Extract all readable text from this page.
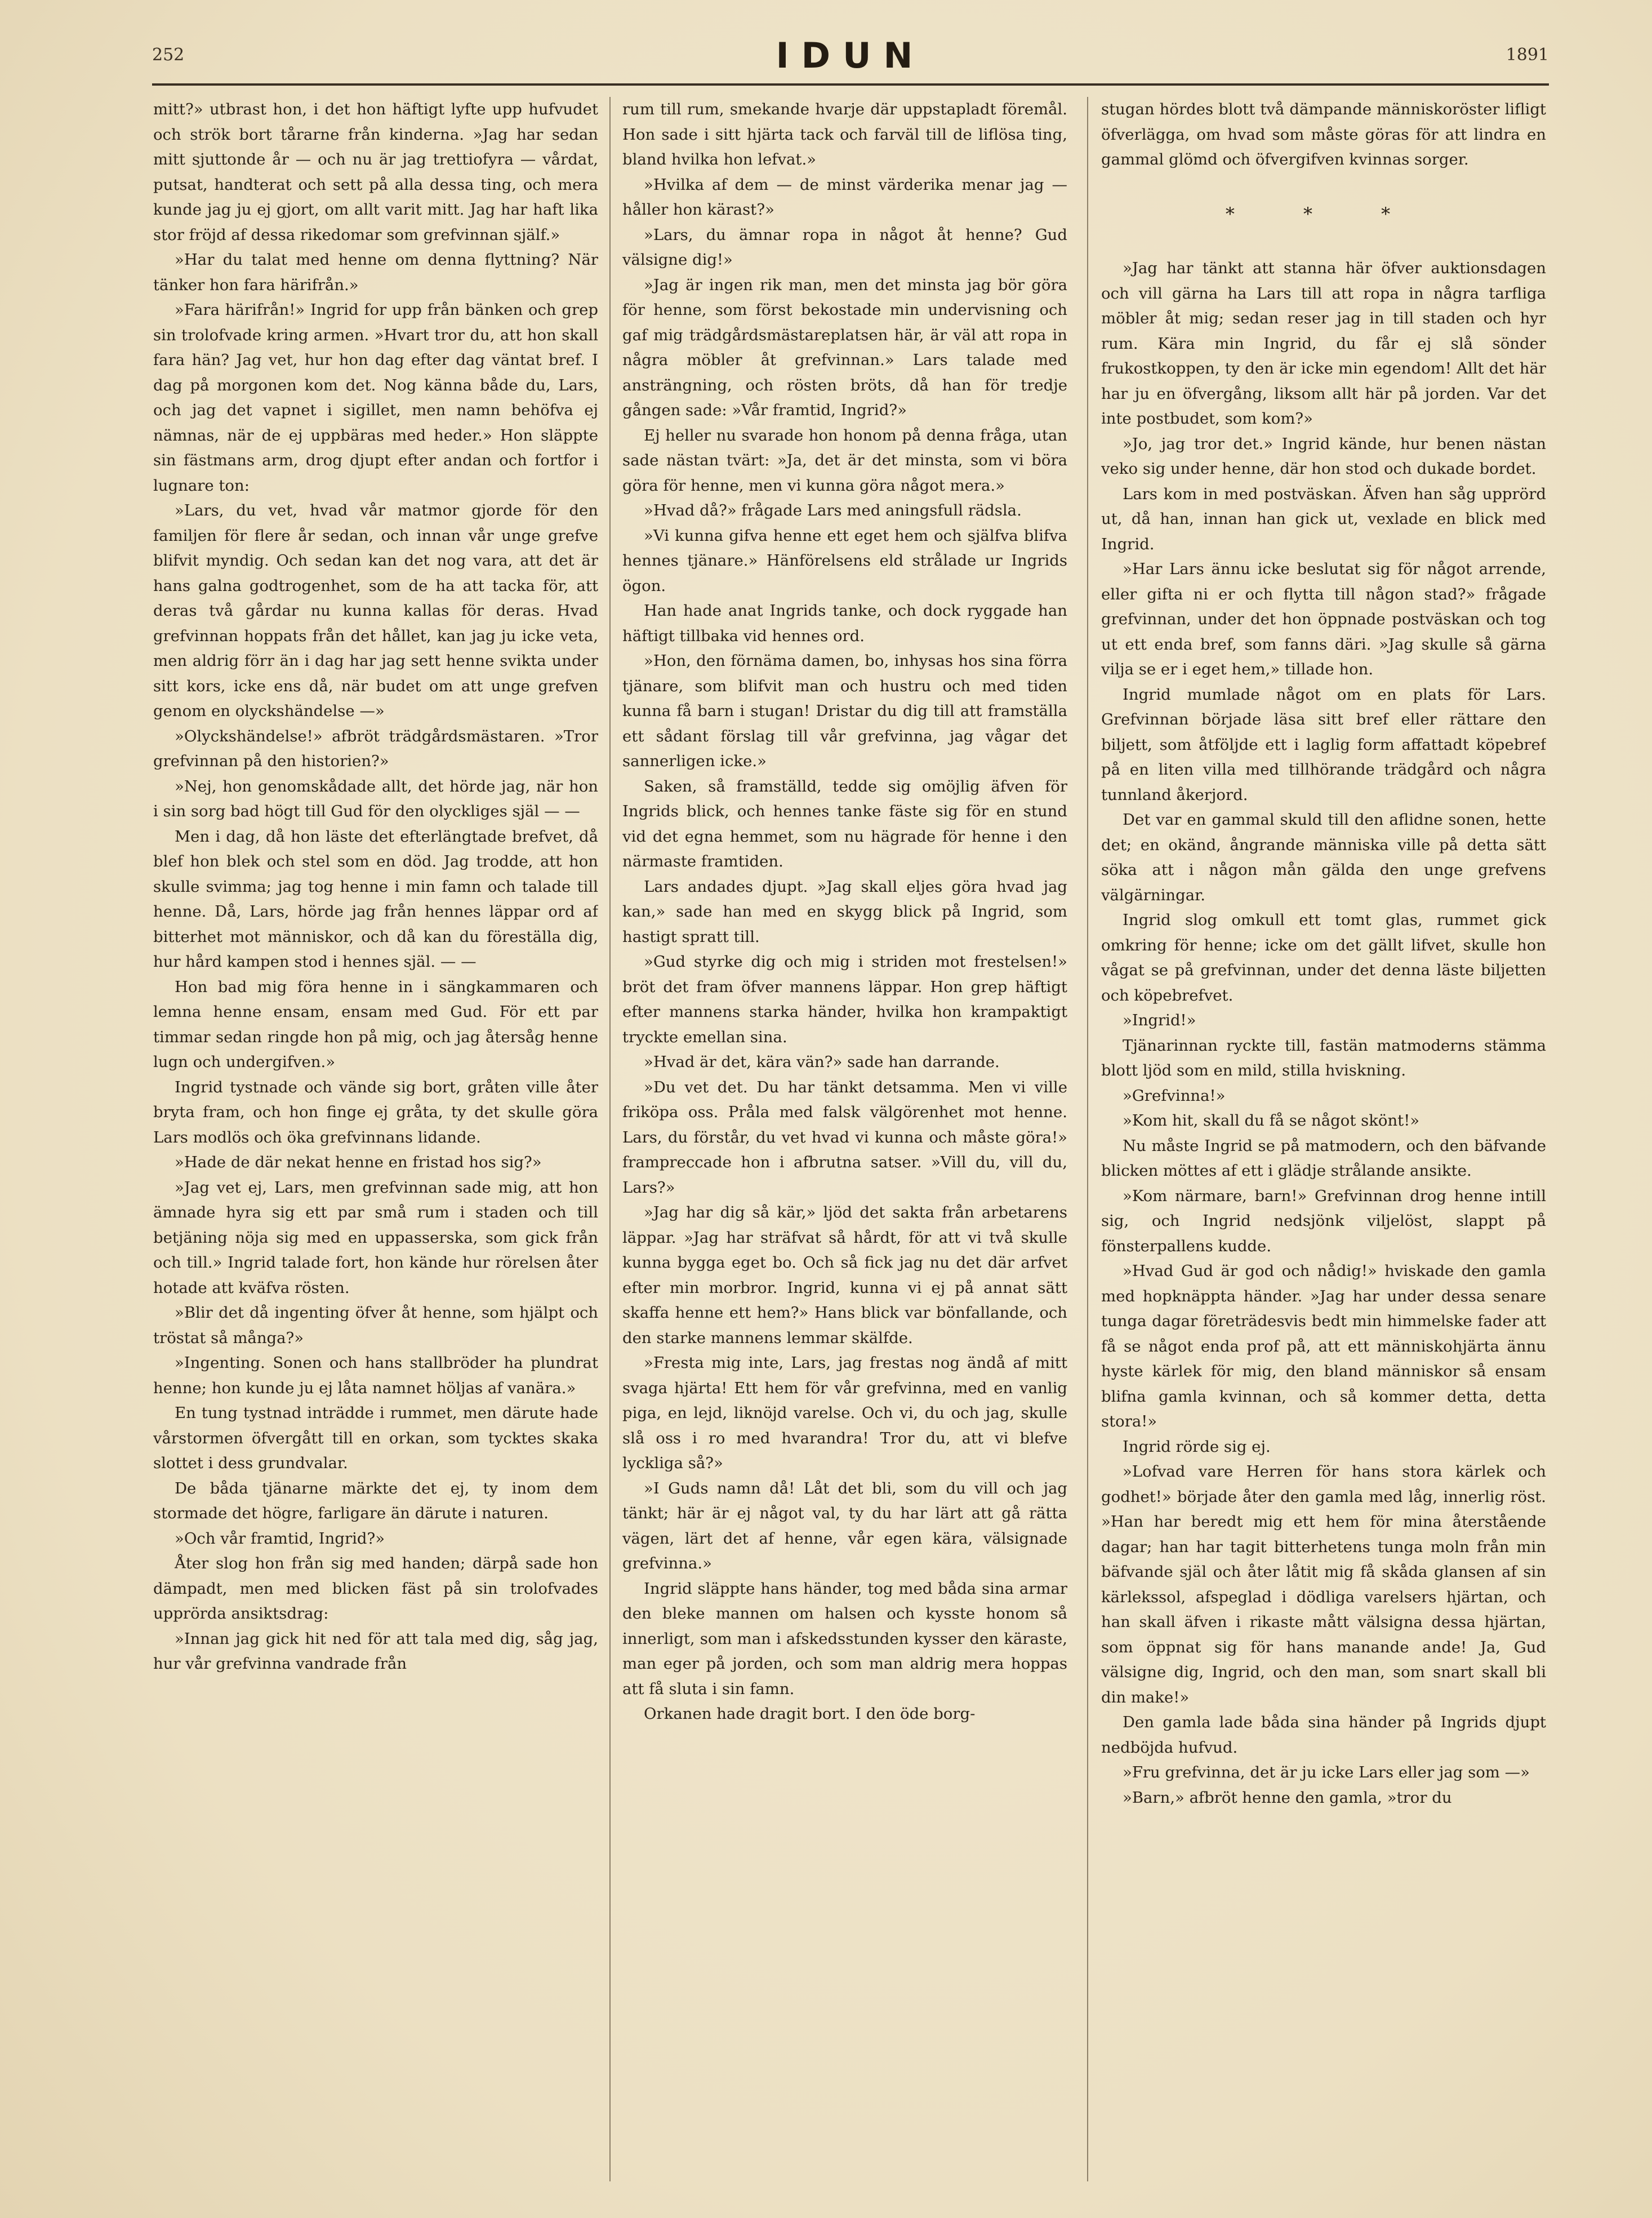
252	IDUN	1891

mitt?» utbrast hon, i det hon häftigt lyfte upp hufvudet och strök bort tårarne från kinderna. »Jag har sedan mitt sjuttonde år — och nu är jag trettiofyra — vårdat, putsat, handterat och sett på alla dessa ting, och mera kunde jag ju ej gjort, om allt varit mitt. Jag har haft lika stor fröjd af dessa rikedomar som grefvinnan själf.»

»Har du talat med henne om denna flyttning? När tänker hon fara härifrån.»

»Fara härifrån!» Ingrid for upp från bänken och grep sin trolofvade kring armen. »Hvart tror du, att hon skall fara hän? Jag vet, hur hon dag efter dag väntat bref. I dag på morgonen kom det. Nog känna både du, Lars, och jag det vapnet i sigillet, men namn behöfva ej nämnas, när de ej uppbäras med heder.» Hon släppte sin fästmans arm, drog djupt efter andan och fortfor i lugnare ton:

»Lars, du vet, hvad vår matmor gjorde för den familjen för flere år sedan, och innan vår unge grefve blifvit myndig. Och sedan kan det nog vara, att det är hans galna godtrogenhet, som de ha att tacka för, att deras två gårdar nu kunna kallas för deras. Hvad grefvinnan hoppats från det hållet, kan jag ju icke veta, men aldrig förr än i dag har jag sett henne svikta under sitt kors, icke ens då, när budet om att unge grefven genom en olyckshändelse —»

»Olyckshändelse!» afbröt trädgårdsmästaren. »Tror grefvinnan på den historien?»

»Nej, hon genomskådade allt, det hörde jag, när hon i sin sorg bad högt till Gud för den olyckliges själ — —

Men i dag, då hon läste det efterlängtade brefvet, då blef hon blek och stel som en död. Jag trodde, att hon skulle svimma; jag tog henne i min famn och talade till henne. Då, Lars, hörde jag från hennes läppar ord af bitterhet mot människor, och då kan du föreställa dig, hur hård kampen stod i hennes själ. — —

Hon bad mig föra henne in i sängkammaren och lemna henne ensam, ensam med Gud. För ett par timmar sedan ringde hon på mig, och jag återsåg henne lugn och undergifven.»

Ingrid tystnade och vände sig bort, gråten ville åter bryta fram, och hon finge ej gråta, ty det skulle göra Lars modlös och öka grefvinnans lidande.

»Hade de där nekat henne en fristad hos sig?»

»Jag vet ej, Lars, men grefvinnan sade mig, att hon ämnade hyra sig ett par små rum i staden och till betjäning nöja sig med en uppasserska, som gick från och till.» Ingrid talade fort, hon kände hur rörelsen åter hotade att kväfva rösten.

»Blir det då ingenting öfver åt henne, som hjälpt och tröstat så många?»

»Ingenting. Sonen och hans stallbröder ha plundrat henne; hon kunde ju ej låta namnet höljas af vanära.»

En tung tystnad inträdde i rummet, men därute hade vårstormen öfvergått till en orkan, som tycktes skaka slottet i dess grundvalar.

De båda tjänarne märkte det ej, ty inom dem stormade det högre, farligare än därute i naturen.

»Och vår framtid, Ingrid?»

Åter slog hon från sig med handen; därpå sade hon dämpadt, men med blicken fäst på sin trolofvades upprörda ansiktsdrag:

»Innan jag gick hit ned för att tala med dig, såg jag, hur vår grefvinna vandrade från

rum till rum, smekande hvarje där uppstapladt föremål. Hon sade i sitt hjärta tack och farväl till de liflösa ting, bland hvilka hon lefvat.»

»Hvilka af dem — de minst värderika menar jag — håller hon kärast?»

»Lars, du ämnar ropa in något åt henne? Gud välsigne dig!»

»Jag är ingen rik man, men det minsta jag bör göra för henne, som först bekostade min undervisning och gaf mig trädgårdsmästareplatsen här, är väl att ropa in några möbler åt grefvinnan.» Lars talade med ansträngning, och rösten bröts, då han för tredje gången sade: »Vår framtid, Ingrid?»

Ej heller nu svarade hon honom på denna fråga, utan sade nästan tvärt: »Ja, det är det minsta, som vi böra göra för henne, men vi kunna göra något mera.»

»Hvad då?» frågade Lars med aningsfull rädsla.

»Vi kunna gifva henne ett eget hem och själfva blifva hennes tjänare.» Hänförelsens eld strålade ur Ingrids ögon.

Han hade anat Ingrids tanke, och dock ryggade han häftigt tillbaka vid hennes ord.

»Hon, den förnäma damen, bo, inhysas hos sina förra tjänare, som blifvit man och hustru och med tiden kunna få barn i stugan! Dristar du dig till att framställa ett sådant förslag till vår grefvinna, jag vågar det sannerligen icke.»

Saken, så framställd, tedde sig omöjlig äfven för Ingrids blick, och hennes tanke fäste sig för en stund vid det egna hemmet, som nu hägrade för henne i den närmaste framtiden.

Lars andades djupt. »Jag skall eljes göra hvad jag kan,» sade han med en skygg blick på Ingrid, som hastigt spratt till.

»Gud styrke dig och mig i striden mot frestelsen!» bröt det fram öfver mannens läppar. Hon grep häftigt efter mannens starka händer, hvilka hon krampaktigt tryckte emellan sina.

»Hvad är det, kära vän?» sade han darrande.

»Du vet det. Du har tänkt detsamma. Men vi ville friköpa oss. Pråla med falsk välgörenhet mot henne. Lars, du förstår, du vet hvad vi kunna och måste göra!» framprессade hon i afbrutna satser. »Vill du, vill du, Lars?»

»Jag har dig så kär,» ljöd det sakta från arbetarens läppar. »Jag har sträfvat så hårdt, för att vi två skulle kunna bygga eget bo. Och så fick jag nu det där arfvet efter min morbror. Ingrid, kunna vi ej på annat sätt skaffa henne ett hem?» Hans blick var bönfallande, och den starke mannens lemmar skälfde.

»Fresta mig inte, Lars, jag frestas nog ändå af mitt svaga hjärta! Ett hem för vår grefvinna, med en vanlig piga, en lejd, liknöjd varelse. Och vi, du och jag, skulle slå oss i ro med hvarandra! Tror du, att vi blefve lyckliga så?»

»I Guds namn då! Låt det bli, som du vill och jag tänkt; här är ej något val, ty du har lärt att gå rätta vägen, lärt det af henne, vår egen kära, välsignade grefvinna.»

Ingrid släppte hans händer, tog med båda sina armar den bleke mannen om halsen och kysste honom så innerligt, som man i afskedsstunden kysser den käraste, man eger på jorden, och som man aldrig mera hoppas att få sluta i sin famn.

Orkanen hade dragit bort. I den öde borg-

stugan hördes blott två dämpande människoröster lifligt öfverlägga, om hvad som måste göras för att lindra en gammal glömd och öfvergifven kvinnas sorger.

* * *

»Jag har tänkt att stanna här öfver auktionsdagen och vill gärna ha Lars till att ropa in några tarfliga möbler åt mig; sedan reser jag in till staden och hyr rum. Kära min Ingrid, du får ej slå sönder frukostkoppen, ty den är icke min egendom! Allt det här har ju en öfvergång, liksom allt här på jorden. Var det inte postbudet, som kom?»

»Jo, jag tror det.» Ingrid kände, hur benen nästan veko sig under henne, där hon stod och dukade bordet.

Lars kom in med postväskan. Äfven han såg upprörd ut, då han, innan han gick ut, vexlade en blick med Ingrid.

»Har Lars ännu icke beslutat sig för något arrende, eller gifta ni er och flytta till någon stad?» frågade grefvinnan, under det hon öppnade postväskan och tog ut ett enda bref, som fanns däri. »Jag skulle så gärna vilja se er i eget hem,» tillade hon.

Ingrid mumlade något om en plats för Lars. Grefvinnan började läsa sitt bref eller rättare den biljett, som åtföljde ett i laglig form affattadt köpebref på en liten villa med tillhörande trädgård och några tunnland åkerjord.

Det var en gammal skuld till den aflidne sonen, hette det; en okänd, ångrande människa ville på detta sätt söka att i någon mån gälda den unge grefvens välgärningar.

Ingrid slog omkull ett tomt glas, rummet gick omkring för henne; icke om det gällt lifvet, skulle hon vågat se på grefvinnan, under det denna läste biljetten och köpebrefvet.

»Ingrid!»

Tjänarinnan ryckte till, fastän matmoderns stämma blott ljöd som en mild, stilla hviskning.

»Grefvinna!»

»Kom hit, skall du få se något skönt!»

Nu måste Ingrid se på matmodern, och den bäfvande blicken möttes af ett i glädje strålande ansikte.

»Kom närmare, barn!» Grefvinnan drog henne intill sig, och Ingrid nedsjönk viljelöst, slappt på fönsterpallens kudde.

»Hvad Gud är god och nådig!» hviskade den gamla med hopknäppta händer. »Jag har under dessa senare tunga dagar företrädesvis bedt min himmelske fader att få se något enda prof på, att ett människohjärta ännu hyste kärlek för mig, den bland människor så ensam blifna gamla kvinnan, och så kommer detta, detta stora!»

Ingrid rörde sig ej.

»Lofvad vare Herren för hans stora kärlek och godhet!» började åter den gamla med låg, innerlig röst. »Han har beredt mig ett hem för mina återstående dagar; han har tagit bitterhetens tunga moln från min bäfvande själ och åter låtit mig få skåda glansen af sin kärlekssol, afspeglad i dödliga varelsers hjärtan, och han skall äfven i rikaste mått välsigna dessa hjärtan, som öppnat sig för hans manande ande! Ja, Gud välsigne dig, Ingrid, och den man, som snart skall bli din make!»

Den gamla lade båda sina händer på Ingrids djupt nedböjda hufvud.

»Fru grefvinna, det är ju icke Lars eller jag som —»

»Barn,» afbröt henne den gamla, »tror du
